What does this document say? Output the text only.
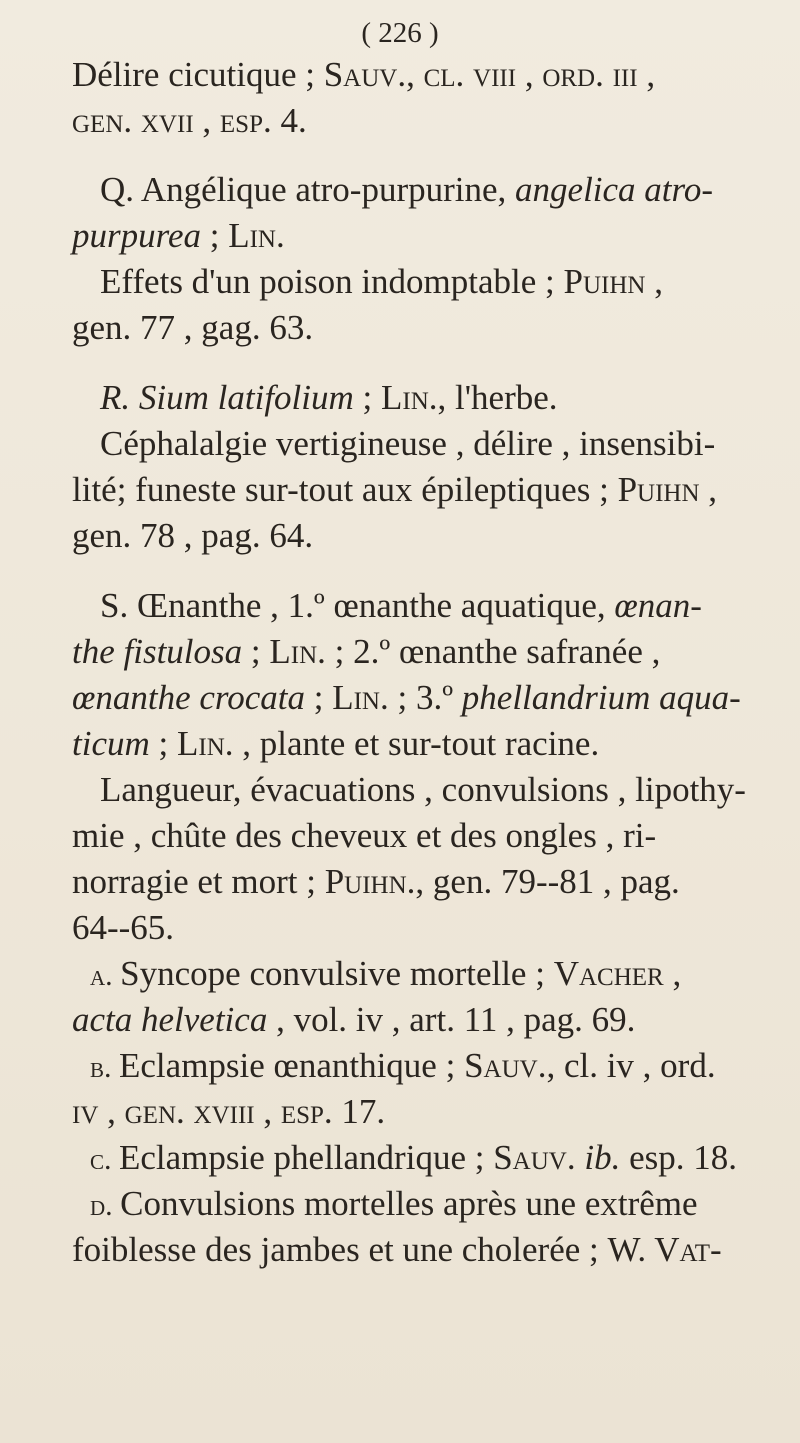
( 226 )
Délire cicutique ; Sauv., cl. viii , ord. iii ,
gen. xvii , esp. 4.
Q. Angélique atro-purpurine, angelica atro-
purpurea ; Lin.
Effets d'un poison indomptable ; Puihn ,
gen. 77 , gag. 63.
R. Sium latifolium ; Lin., l'herbe.
Céphalalgie vertigineuse , délire , insensibi-
lité; funeste sur-tout aux épileptiques ; Puihn ,
gen. 78 , pag. 64.
S. Œnanthe , 1.º œnanthe aquatique, œnan-
the fistulosa ; Lin. ; 2.º œnanthe safranée ,
œnanthe crocata ; Lin. ; 3.º phellandrium aqua-
ticum ; Lin. , plante et sur-tout racine.
Langueur, évacuations , convulsions , lipothy-
mie , chûte des cheveux et des ongles , ri-
norragie et mort ; Puihn., gen. 79--81 , pag.
64--65.
a. Syncope convulsive mortelle ; Vacher ,
acta helvetica , vol. iv , art. 11 , pag. 69.
b. Eclampsie œnanthique ; Sauv., cl. iv , ord.
iv , gen. xviii , esp. 17.
c. Eclampsie phellandrique ; Sauv. ib. esp. 18.
d. Convulsions mortelles après une extrême
foiblesse des jambes et une cholerée ; W. Vat-
